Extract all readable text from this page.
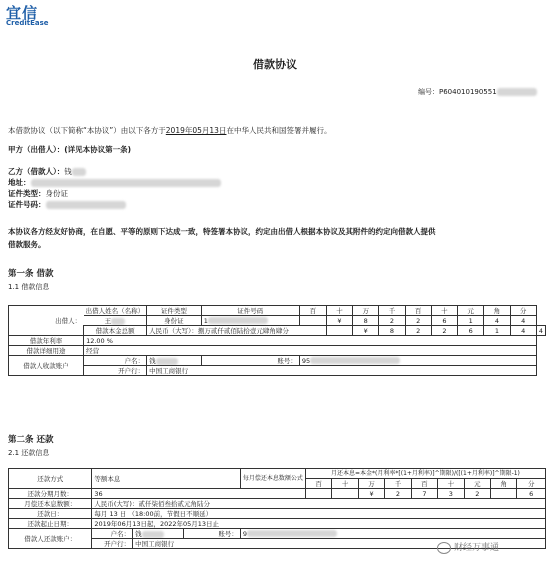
宜信
CreditEase
借款协议
编号：P604010190551
本借款协议（以下简称“本协议”）由以下各方于2019年05月13日在中华人民共和国签署并履行。
甲方（出借人）：(详见本协议第一条)
乙方（借款人）：钱
地址：
证件类型：身份证
证件号码：
本协议各方经友好协商，在自愿、平等的原则下达成一致，特签署本协议，约定由出借人根据本协议及其附件的约定向借款人提供
借款服务。
第一条 借款
1.1 借款信息
出借人：	出借人姓名（名称）	证件类型	证件号码	百	十	万	千	百	十	元	角	分	
	王	身份证	1		¥	8	2	2	6	1	4	4	
	借款本金总额	人民币（大写）：捌万贰仟贰佰陆拾壹元肆角肆分				¥	8	2	2	6	1	4	4
借款年利率	12.00 %												
借款详细用途	经营												
借款人收款账户	户名：	钱	账号：	95									
	开户行：	中国工商银行											
第二条 还款
2.1 还款信息
还款方式	等额本息			每月偿还本息数额公式	月还本息=本金*(月利率*[(1+月利率)]^期限)/([(1+月利率)]^期限-1)								
					百	十	万	千	百	十	元	角	分
还款分期月数：	36						¥	2	7	3	2		6
月偿还本息数额：	人民币(大写)：贰仟柒佰叁拾贰元角陆分												
还款日：	每月 13 日 （18:00前，节假日不顺延）												
还款起止日期：	2019年06月13日起，2022年05月13日止												
借款人还款账户：	户名：	钱	账号：	9									
	开户行：	中国工商银行												财经万事通
